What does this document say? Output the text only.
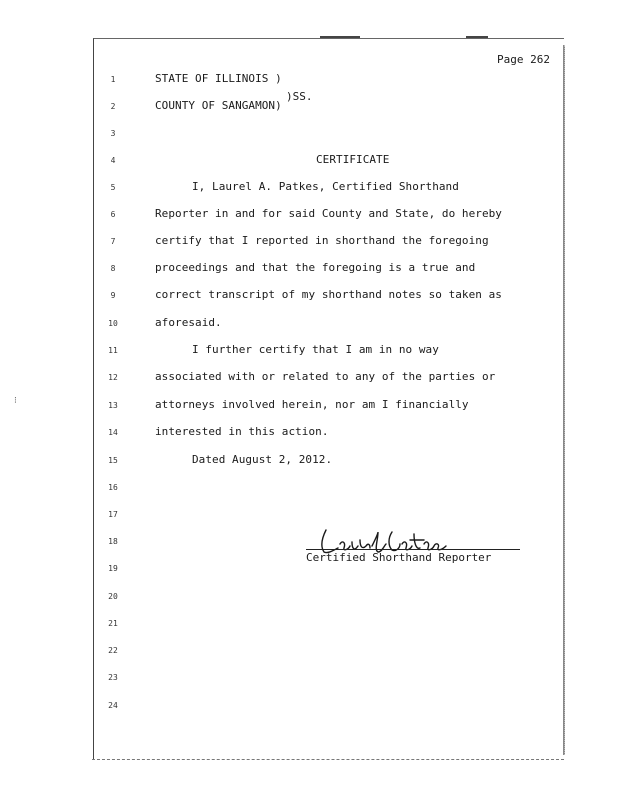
⁝
Page 262
1
2
3
4
5
6
7
8
9
10
11
12
13
14
15
16
17
18
19
20
21
22
23
24
STATE OF ILLINOIS )
)SS.
COUNTY OF SANGAMON)
CERTIFICATE
I, Laurel A. Patkes, Certified Shorthand
Reporter in and for said County and State, do hereby
certify that I reported in shorthand the foregoing
proceedings and that the foregoing is a true and
correct transcript of my shorthand notes so taken as
aforesaid.
I further certify that I am in no way
associated with or related to any of the parties or
attorneys involved herein, nor am I financially
interested in this action.
Dated August 2, 2012.
Certified Shorthand Reporter
